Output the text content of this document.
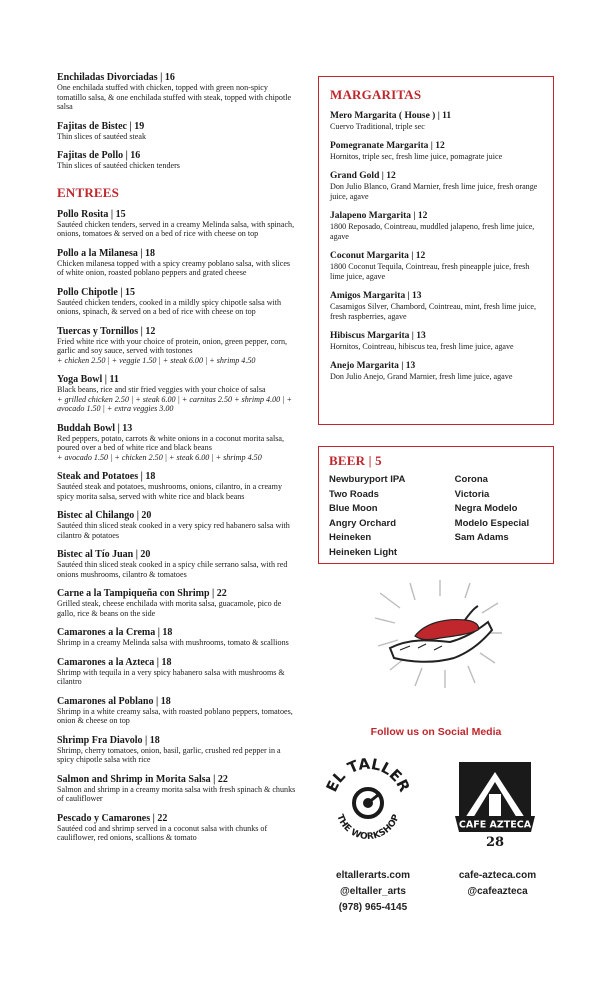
Enchiladas Divorciadas | 16
One enchilada stuffed with chicken, topped with green non-spicy tomatillo salsa, & one enchilada stuffed with steak, topped with chipotle salsa
Fajitas de Bistec | 19
Thin slices of sautéed steak
Fajitas de Pollo | 16
Thin slices of sautéed chicken tenders
ENTREES
Pollo Rosita | 15
Sautéed chicken tenders, served in a creamy Melinda salsa, with spinach, onions, tomatoes & served on a bed of rice with cheese on top
Pollo a la Milanesa | 18
Chicken milanesa topped with a spicy creamy poblano salsa, with slices of white onion, roasted poblano peppers and grated cheese
Pollo Chipotle | 15
Sautéed chicken tenders, cooked in a mildly spicy chipotle salsa with onions, spinach, & served on a bed of rice with cheese on top
Tuercas y Tornillos | 12
Fried white rice with your choice of protein, onion, green pepper, corn, garlic and soy sauce, served with tostones
+ chicken 2.50 | + veggie 1.50 | + steak 6.00 | + shrimp 4.50
Yoga Bowl | 11
Black beans, rice and stir fried veggies with your choice of salsa
+ grilled chicken 2.50 | + steak 6.00 | + carnitas 2.50 + shrimp 4.00 | + avocado 1.50 | + extra veggies 3.00
Buddah Bowl | 13
Red peppers, potato, carrots & white onions in a coconut morita salsa, poured over a bed of white rice and black beans
+ avocado 1.50 | + chicken 2.50 | + steak 6.00 | + shrimp 4.50
Steak and Potatoes | 18
Sautéed steak and potatoes, mushrooms, onions, cilantro, in a creamy spicy morita salsa, served with white rice and black beans
Bistec al Chilango | 20
Sautéed thin sliced steak cooked in a very spicy red habanero salsa with cilantro & potatoes
Bistec al Tío Juan | 20
Sautéed thin sliced steak cooked in a spicy chile serrano salsa, with red onions mushrooms, cilantro & tomatoes
Carne a la Tampiqueña con Shrimp | 22
Grilled steak, cheese enchilada with morita salsa, guacamole, pico de gallo, rice & beans on the side
Camarones a la Crema | 18
Shrimp in a creamy Melinda salsa with mushrooms, tomato & scallions
Camarones a la Azteca | 18
Shrimp with tequila in a very spicy habanero salsa with mushrooms & cilantro
Camarones al Poblano | 18
Shrimp in a white creamy salsa, with roasted poblano peppers, tomatoes, onion & cheese on top
Shrimp Fra Diavolo | 18
Shrimp, cherry tomatoes, onion, basil, garlic, crushed red pepper in a spicy chipotle salsa with rice
Salmon and Shrimp in Morita Salsa | 22
Salmon and shrimp in a creamy morita salsa with fresh spinach & chunks of cauliflower
Pescado y Camarones | 22
Sautéed cod and shrimp served in a coconut salsa with chunks of cauliflower, red onions, scallions & tomato
MARGARITAS
Mero Margarita ( House ) | 11
Cuervo Traditional, triple sec
Pomegranate Margarita | 12
Hornitos, triple sec, fresh lime juice, pomagrate juice
Grand Gold | 12
Don Julio Blanco, Grand Marnier, fresh lime juice, fresh orange juice, agave
Jalapeno Margarita | 12
1800 Reposado, Cointreau, muddled jalapeno, fresh lime juice, agave
Coconut Margarita | 12
1800 Coconut Tequila, Cointreau, fresh pineapple juice, fresh lime juice, agave
Amigos Margarita | 13
Casamigos Silver, Chambord, Cointreau, mint, fresh lime juice, fresh raspberries, agave
Hibiscus Margarita | 13
Hornitos, Cointreau, hibiscus tea, fresh lime juice, agave
Anejo Margarita | 13
Don Julio Anejo, Grand Marnier, fresh lime juice, agave
BEER | 5
Newburyport IPA
Two Roads
Blue Moon
Angry Orchard
Heineken
Heineken Light
Corona
Victoria
Negra Modelo
Modelo Especial
Sam Adams
Follow us on Social Media
EL TALLER
THE WORKSHOP
CAFE AZTECA
28
eltallerarts.com
@eltaller_arts
(978) 965-4145
cafe-azteca.com
@cafeazteca
